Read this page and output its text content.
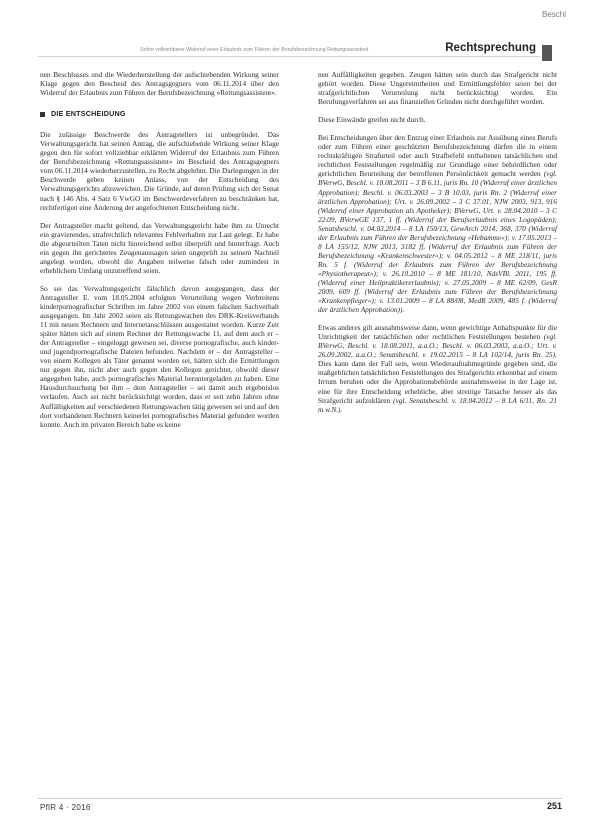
Beschl
Sofort vollziehbarer Widerruf einer Erlaubnis zum Führen der Berufsbezeichnung Rettungsassistent	Rechtsprechung

nen Beschlusses und die Wiederherstellung der aufschiebenden Wirkung seiner Klage gegen den Bescheid des Antragsgegners vom 06.11.2014 über den Widerruf der Erlaubnis zum Führen der Berufsbezeichnung »Rettungsassistent«.

DIE ENTSCHEIDUNG

Die zulässige Beschwerde des Antragstellers ist unbegründet. Das Verwaltungsgericht hat seinen Antrag, die aufschiebende Wirkung seiner Klage gegen den für sofort vollziehbar erklärten Widerruf der Erlaubnis zum Führen der Berufsbezeichnung »Rettungsassistent« im Bescheid des Antragsgegners vom 06.11.2014 wiederherzustellen, zu Recht abgelehnt. Die Darlegungen in der Beschwerde geben keinen Anlass, von der Entscheidung des Verwaltungsgerichts abzuweichen. Die Gründe, auf deren Prüfung sich der Senat nach § 146 Abs. 4 Satz 6 VwGO im Beschwerdeverfahren zu beschränken hat, rechtfertigen eine Änderung der angefochtenen Entscheidung nicht.

Der Antragsteller macht geltend, das Verwaltungsgericht habe ihm zu Unrecht ein gravierendes, strafrechtlich relevantes Fehlverhalten zur Last gelegt. Er habe die abgeurteilten Taten nicht hinreichend selbst überprüft und hinterfragt. Auch ein gegen ihn gerichtetes Zeugenaussagen seien ungeprüft zu seinem Nachteil angelegt worden, obwohl die Angaben teilweise falsch oder zumindest in erheblichem Umfang unzutreffend seien.

So sei das Verwaltungsgericht fälschlich davon ausgegangen, dass der Antragsteller E. vom 18.05.2004 erfolgten Verurteilung wegen Verbreitens kinderpornografischer Schriften im Jahre 2002 von einem falschen Sachverhalt ausgegangen. Im Jahr 2002 seien als Rettungswachen des DRK-Kreisverbands 11 mit neuen Rechnern und Internetanschlüssen ausgestattet worden. Kurze Zeit später hätten sich auf einem Rechner der Rettungswache 11, auf dem auch er – der Antragsteller – eingeloggt gewesen sei, diverse pornografische, auch kinder- und jugendpornografische Dateien befunden. Nachdem er – der Antragsteller – von einem Kollegen als Täter genannt worden sei, hätten sich die Ermittlungen nur gegen ihn, nicht aber auch gegen den Kollegen gerichtet, obwohl dieser angegeben habe, auch pornografisches Material heruntergeladen zu haben. Eine Hausdurchsuchung bei ihm – dem Antragsteller – sei damit auch ergebnislos verlaufen. Auch sei nicht berücksichtigt worden, dass er seit zehn Jahren ohne Auffälligkeiten auf verschiedenen Rettungswachen tätig gewesen sei und auf den dort vorhandenen Rechnern keinerlei pornografisches Material gefunden worden konnte. Auch im privaten Bereich habe es keine

nen Auffälligkeiten gegeben. Zeugen hätten sein durch das Strafgericht nicht gehört worden. Diese Ungereimtheiten und Ermittlungsfehler seien bei der strafgerichtlichen Verurteilung nicht berücksichtigt worden. Ein Berufungsverfahren sei aus finanziellen Gründen nicht durchgeführt worden.

Diese Einwände greifen nicht durch.

Bei Entscheidungen über den Entzug einer Erlaubnis zur Ausübung eines Berufs oder zum Führen einer geschützten Berufsbezeichnung dürfen die in einem rechtskräftigen Strafurteil oder auch Strafbefehl enthaltenen tatsächlichen und rechtlichen Feststellungen regelmäßig zur Grundlage einer behördlichen oder gerichtlichen Beurteilung der betroffenen Persönlichkeit gemacht werden (vgl. BVerwG, Beschl. v. 18.08.2011 – 3 B 6.11, juris Rn. 10 (Widerruf einer ärztlichen Approbation); Beschl. v. 06.03.2003 – 3 B 10.03, juris Rn. 2 (Widerruf einer ärztlichen Approbation); Urt. v. 26.09.2002 – 3 C 37.01, NJW 2003, 913, 916 (Widerruf einer Approbation als Apotheker); BVerwG, Urt. v. 28.04.2010 – 3 C 22.09, BVerwGE 137, 1 ff. (Widerruf der Berufserlaubnis eines Logopäden); Senatsbeschl. v. 04.03.2014 – 8 LA 150/13, GewArch 2014, 368, 370 (Widerruf der Erlaubnis zum Führen der Berufsbezeichnung »Hebamme«); v. 17.05.2013 – 8 LA 155/12, NJW 2013, 3182 ff. (Widerruf der Erlaubnis zum Führen der Berufsbezeichnung »Krankenschwester«); v. 04.05.2012 – 8 ME 218/11, juris Rn. 5 f. (Widerruf der Erlaubnis zum Führen der Berufsbezeichnung »Physiotherapeut«); v. 26.10.2010 – 8 ME 181/10, NdsVBl. 2011, 195 ff. (Widerruf einer Heilpraktikererlaubnis); v. 27.05.2009 – 8 ME 62/09, GesR 2009, 609 ff. (Widerruf der Erlaubnis zum Führen der Berufsbezeichnung »Krankenpfleger«); v. 13.01.2009 – 8 LA 88/08, MedR 2009, 485 f. (Widerruf der ärztlichen Approbation)).

Etwas anderes gilt ausnahmsweise dann, wenn gewichtige Anhaltspunkte für die Unrichtigkeit der tatsächlichen oder rechtlichen Feststellungen bestehen (vgl. BVerwG, Beschl. v. 18.08.2011, a.a.O.; Beschl. v. 06.03.2003, a.a.O.; Urt. v. 26.09.2002, a.a.O.; Senatsbeschl. v. 19.02.2015 – 8 LA 102/14, juris Rn. 25). Dies kann dann der Fall sein, wenn Wiederaufnahmegründe gegeben sind, die maßgeblichen tatsächlichen Feststellungen des Strafgerichts erkennbar auf einem Irrtum beruhen oder die Approbationsbehörde ausnahmsweise in der Lage ist, eine für ihre Entscheidung erhebliche, aber streitige Tatsache besser als das Strafgericht aufzuklären (vgl. Senatsbeschl. v. 18.04.2012 – 8 LA 6/11, Rn. 21 m.w.N.).

PflR 4 · 2016	251
